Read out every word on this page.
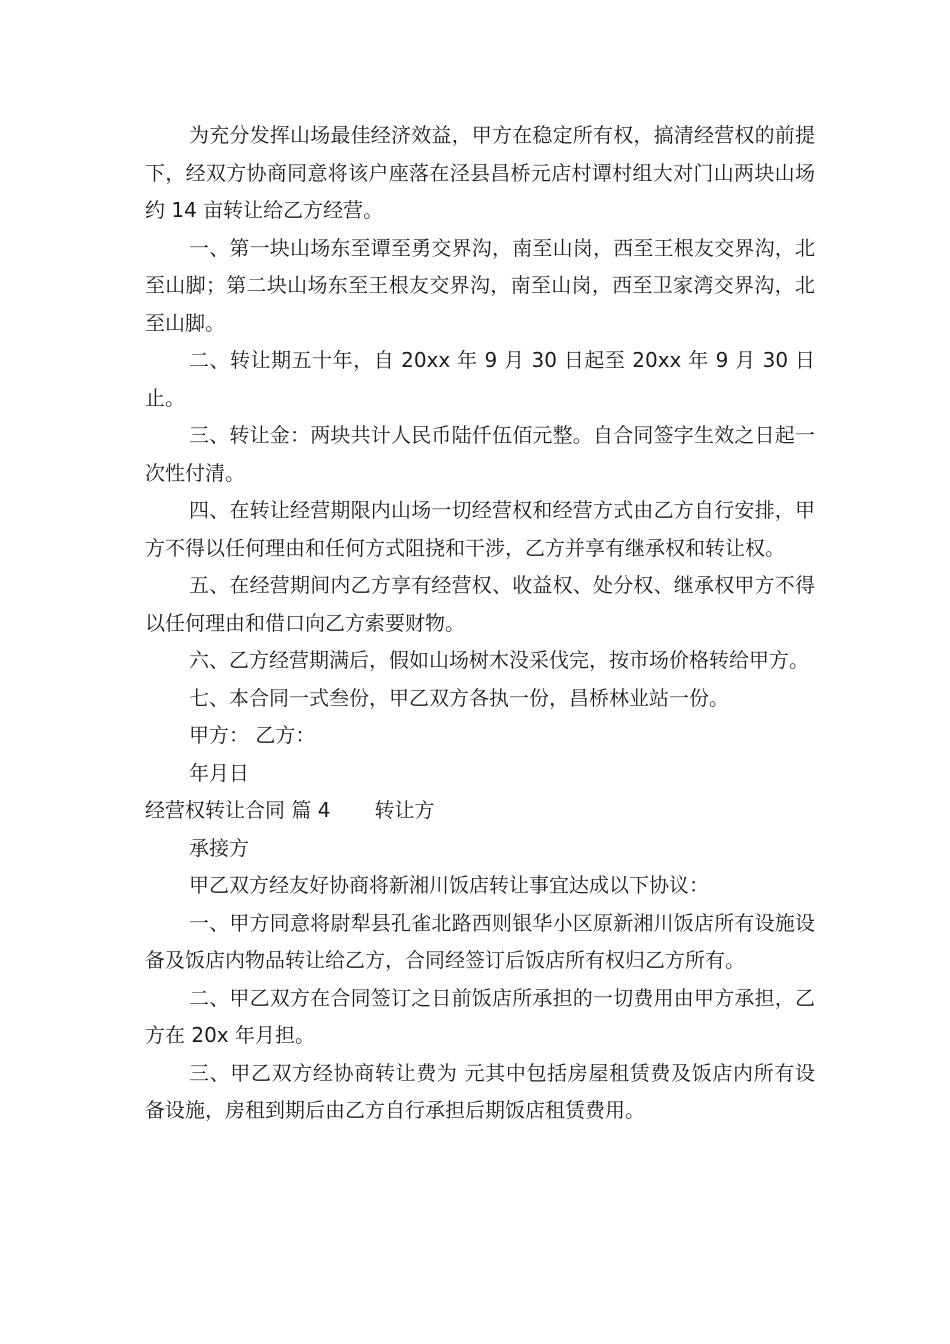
为充分发挥山场最佳经济效益，甲方在稳定所有权，搞清经营权的前提下，经双方协商同意将该户座落在泾县昌桥元店村谭村组大对门山两块山场约 14 亩转让给乙方经营。

一、第一块山场东至谭至勇交界沟，南至山岗，西至王根友交界沟，北至山脚；第二块山场东至王根友交界沟，南至山岗，西至卫家湾交界沟，北至山脚。

二、转让期五十年，自 20xx 年 9 月 30 日起至 20xx 年 9 月 30 日止。

三、转让金：两块共计人民币陆仟伍佰元整。自合同签字生效之日起一次性付清。

四、在转让经营期限内山场一切经营权和经营方式由乙方自行安排，甲方不得以任何理由和任何方式阻挠和干涉，乙方并享有继承权和转让权。

五、在经营期间内乙方享有经营权、收益权、处分权、继承权甲方不得以任何理由和借口向乙方索要财物。

六、乙方经营期满后，假如山场树木没采伐完，按市场价格转给甲方。

七、本合同一式叁份，甲乙双方各执一份，昌桥林业站一份。

甲方： 乙方：

年月日

经营权转让合同 篇 4 转让方

承接方

甲乙双方经友好协商将新湘川饭店转让事宜达成以下协议：

一、甲方同意将尉犁县孔雀北路西则银华小区原新湘川饭店所有设施设备及饭店内物品转让给乙方，合同经签订后饭店所有权归乙方所有。

二、甲乙双方在合同签订之日前饭店所承担的一切费用由甲方承担，乙方在 20x 年月担。

三、甲乙双方经协商转让费为 元其中包括房屋租赁费及饭店内所有设备设施，房租到期后由乙方自行承担后期饭店租赁费用。
